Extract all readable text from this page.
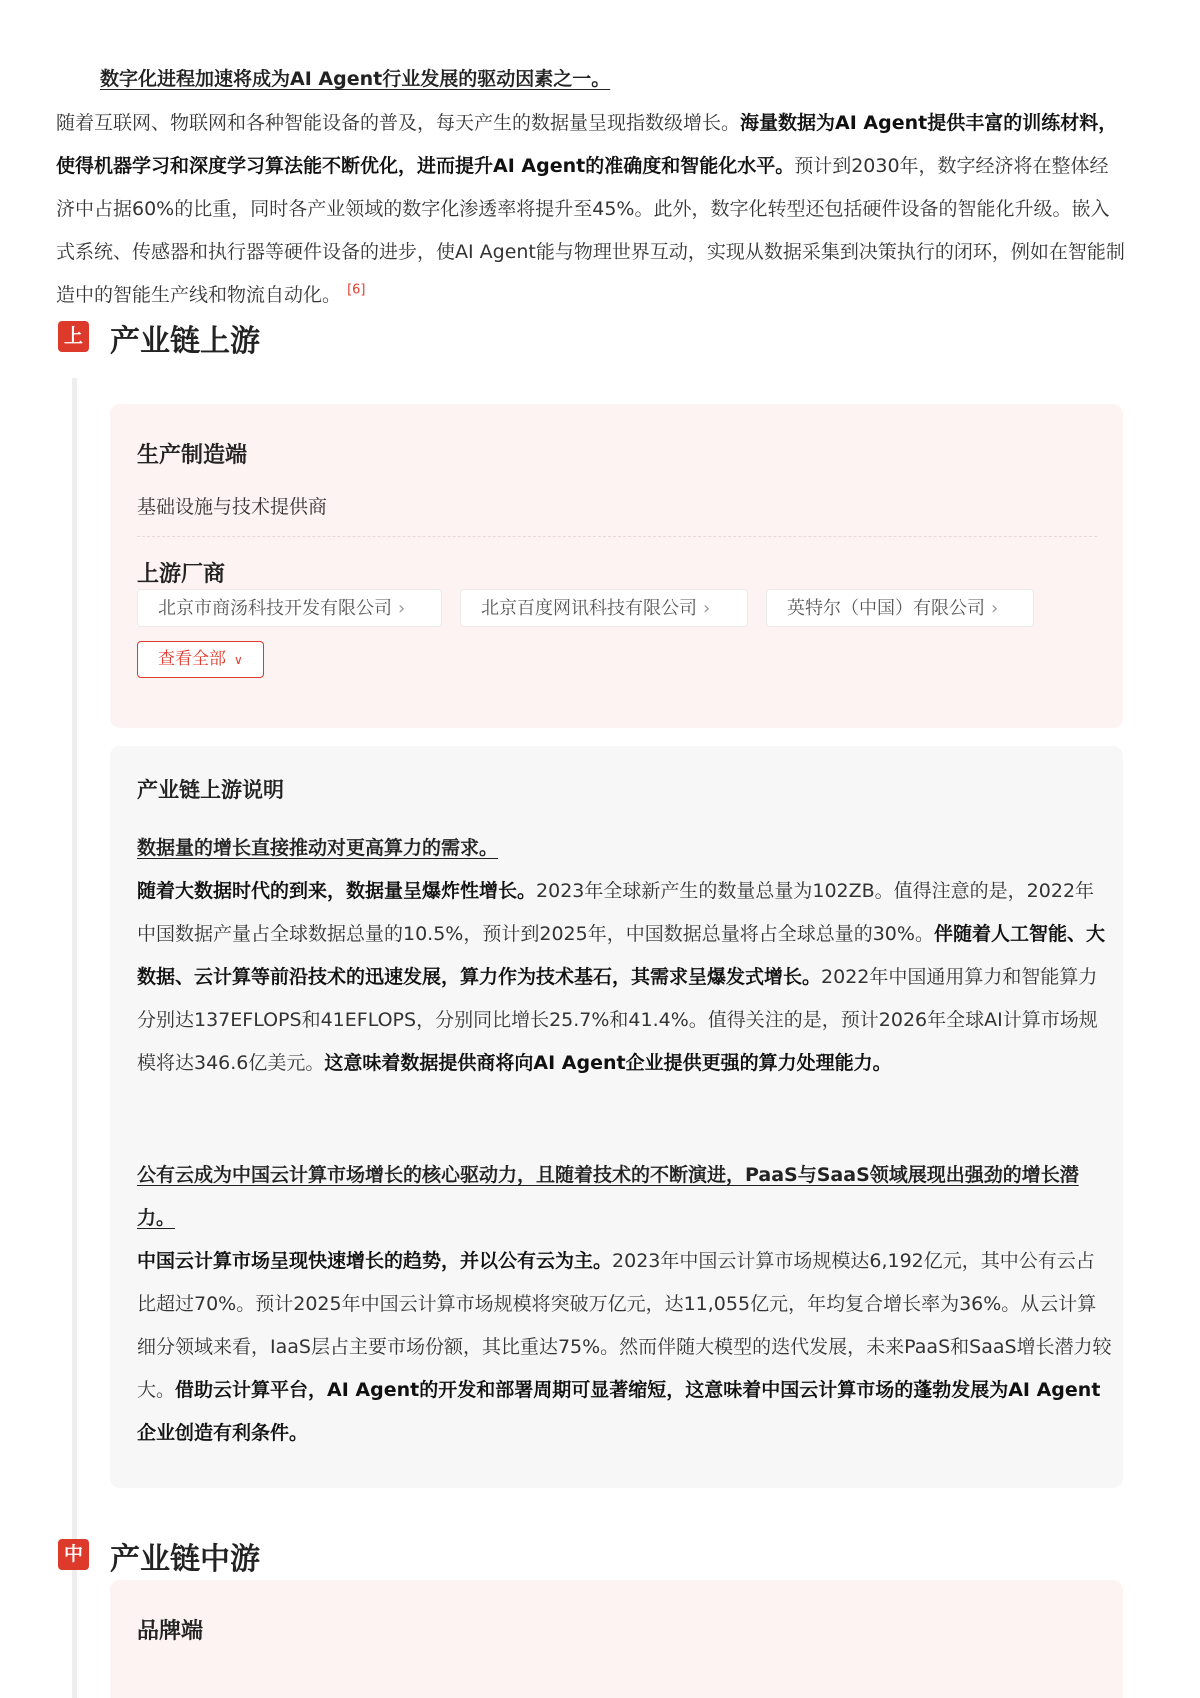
数字化进程加速将成为AI Agent行业发展的驱动因素之一。
随着互联网、物联网和各种智能设备的普及，每天产生的数据量呈现指数级增长。海量数据为AI Agent提供丰富的训练材料，使得机器学习和深度学习算法能不断优化，进而提升AI Agent的准确度和智能化水平。预计到2030年，数字经济将在整体经济中占据60%的比重，同时各产业领域的数字化渗透率将提升至45%。此外，数字化转型还包括硬件设备的智能化升级。嵌入式系统、传感器和执行器等硬件设备的进步，使AI Agent能与物理世界互动，实现从数据采集到决策执行的闭环，例如在智能制造中的智能生产线和物流自动化。 [6]
上 产业链上游
生产制造端
基础设施与技术提供商
上游厂商
北京市商汤科技开发有限公司 ›	北京百度网讯科技有限公司 ›	英特尔（中国）有限公司 ›
查看全部 ∨
产业链上游说明
数据量的增长直接推动对更高算力的需求。
随着大数据时代的到来，数据量呈爆炸性增长。2023年全球新产生的数量总量为102ZB。值得注意的是，2022年中国数据产量占全球数据总量的10.5%，预计到2025年，中国数据总量将占全球总量的30%。伴随着人工智能、大数据、云计算等前沿技术的迅速发展，算力作为技术基石，其需求呈爆发式增长。2022年中国通用算力和智能算力分别达137EFLOPS和41EFLOPS，分别同比增长25.7%和41.4%。值得关注的是，预计2026年全球AI计算市场规模将达346.6亿美元。这意味着数据提供商将向AI Agent企业提供更强的算力处理能力。
公有云成为中国云计算市场增长的核心驱动力，且随着技术的不断演进，PaaS与SaaS领域展现出强劲的增长潜力。
中国云计算市场呈现快速增长的趋势，并以公有云为主。2023年中国云计算市场规模达6,192亿元，其中公有云占比超过70%。预计2025年中国云计算市场规模将突破万亿元，达11,055亿元，年均复合增长率为36%。从云计算细分领域来看，IaaS层占主要市场份额，其比重达75%。然而伴随大模型的迭代发展，未来PaaS和SaaS增长潜力较大。借助云计算平台，AI Agent的开发和部署周期可显著缩短，这意味着中国云计算市场的蓬勃发展为AI Agent企业创造有利条件。
中 产业链中游
品牌端
